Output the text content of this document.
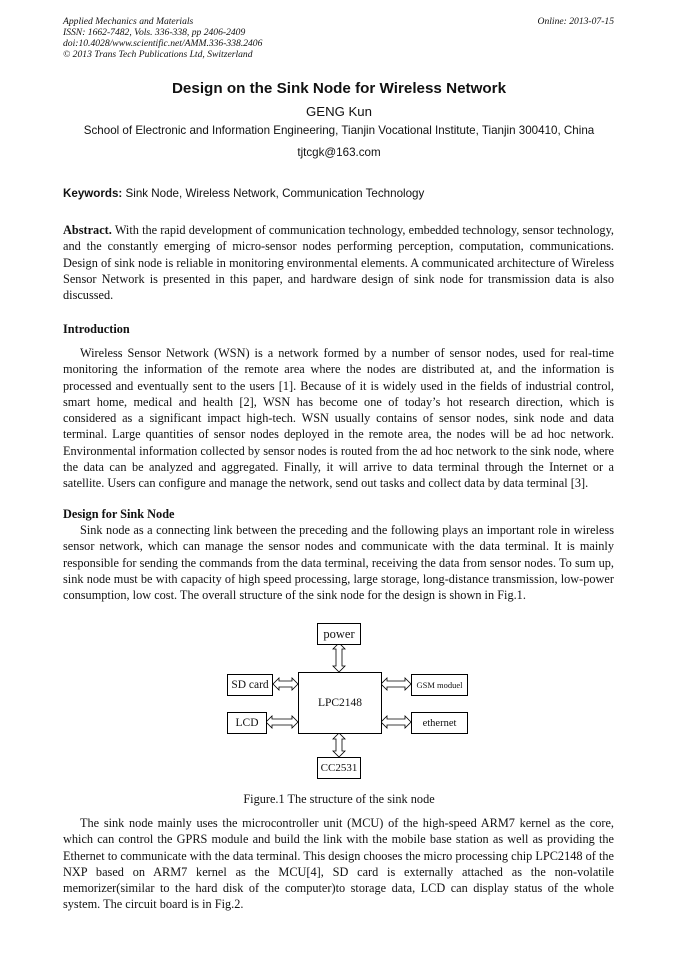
Applied Mechanics and Materials
ISSN: 1662-7482, Vols. 336-338, pp 2406-2409
doi:10.4028/www.scientific.net/AMM.336-338.2406
© 2013 Trans Tech Publications Ltd, Switzerland
Online: 2013-07-15
Design on the Sink Node for Wireless Network
GENG Kun
School of Electronic and Information Engineering, Tianjin Vocational Institute, Tianjin 300410, China
tjtcgk@163.com
Keywords: Sink Node, Wireless Network, Communication Technology
Abstract. With the rapid development of communication technology, embedded technology, sensor technology, and the constantly emerging of micro-sensor nodes performing perception, computation, communications. Design of sink node is reliable in monitoring environmental elements. A communicated architecture of Wireless Sensor Network is presented in this paper, and hardware design of sink node for transmission data is also discussed.
Introduction
Wireless Sensor Network (WSN) is a network formed by a number of sensor nodes, used for real-time monitoring the information of the remote area where the nodes are distributed at, and the information is processed and eventually sent to the users [1]. Because of it is widely used in the fields of industrial control, smart home, medical and health [2], WSN has become one of today’s hot research direction, which is considered as a significant impact high-tech. WSN usually contains of sensor nodes, sink node and data terminal. Large quantities of sensor nodes deployed in the remote area, the nodes will be ad hoc network. Environmental information collected by sensor nodes is routed from the ad hoc network to the sink node, where the data can be analyzed and aggregated. Finally, it will arrive to data terminal through the Internet or a satellite. Users can configure and manage the network, send out tasks and collect data by data terminal [3].
Design for Sink Node
Sink node as a connecting link between the preceding and the following plays an important role in wireless sensor network, which can manage the sensor nodes and communicate with the data terminal. It is mainly responsible for sending the commands from the data terminal, receiving the data from sensor nodes. To sum up, sink node must be with capacity of high speed processing, large storage, long-distance transmission, low-power consumption, low cost. The overall structure of the sink node for the design is shown in Fig.1.
power
SD card
LCD
LPC2148
GSM moduel
ethernet
CC2531
Figure.1 The structure of the sink node
The sink node mainly uses the microcontroller unit (MCU) of the high-speed ARM7 kernel as the core, which can control the GPRS module and build the link with the mobile base station as well as providing the Ethernet to communicate with the data terminal. This design chooses the micro processing chip LPC2148 of the NXP based on ARM7 kernel as the MCU[4], SD card is externally attached as the non-volatile memorizer(similar to the hard disk of the computer)to storage data, LCD can display status of the whole system. The circuit board is in Fig.2.
